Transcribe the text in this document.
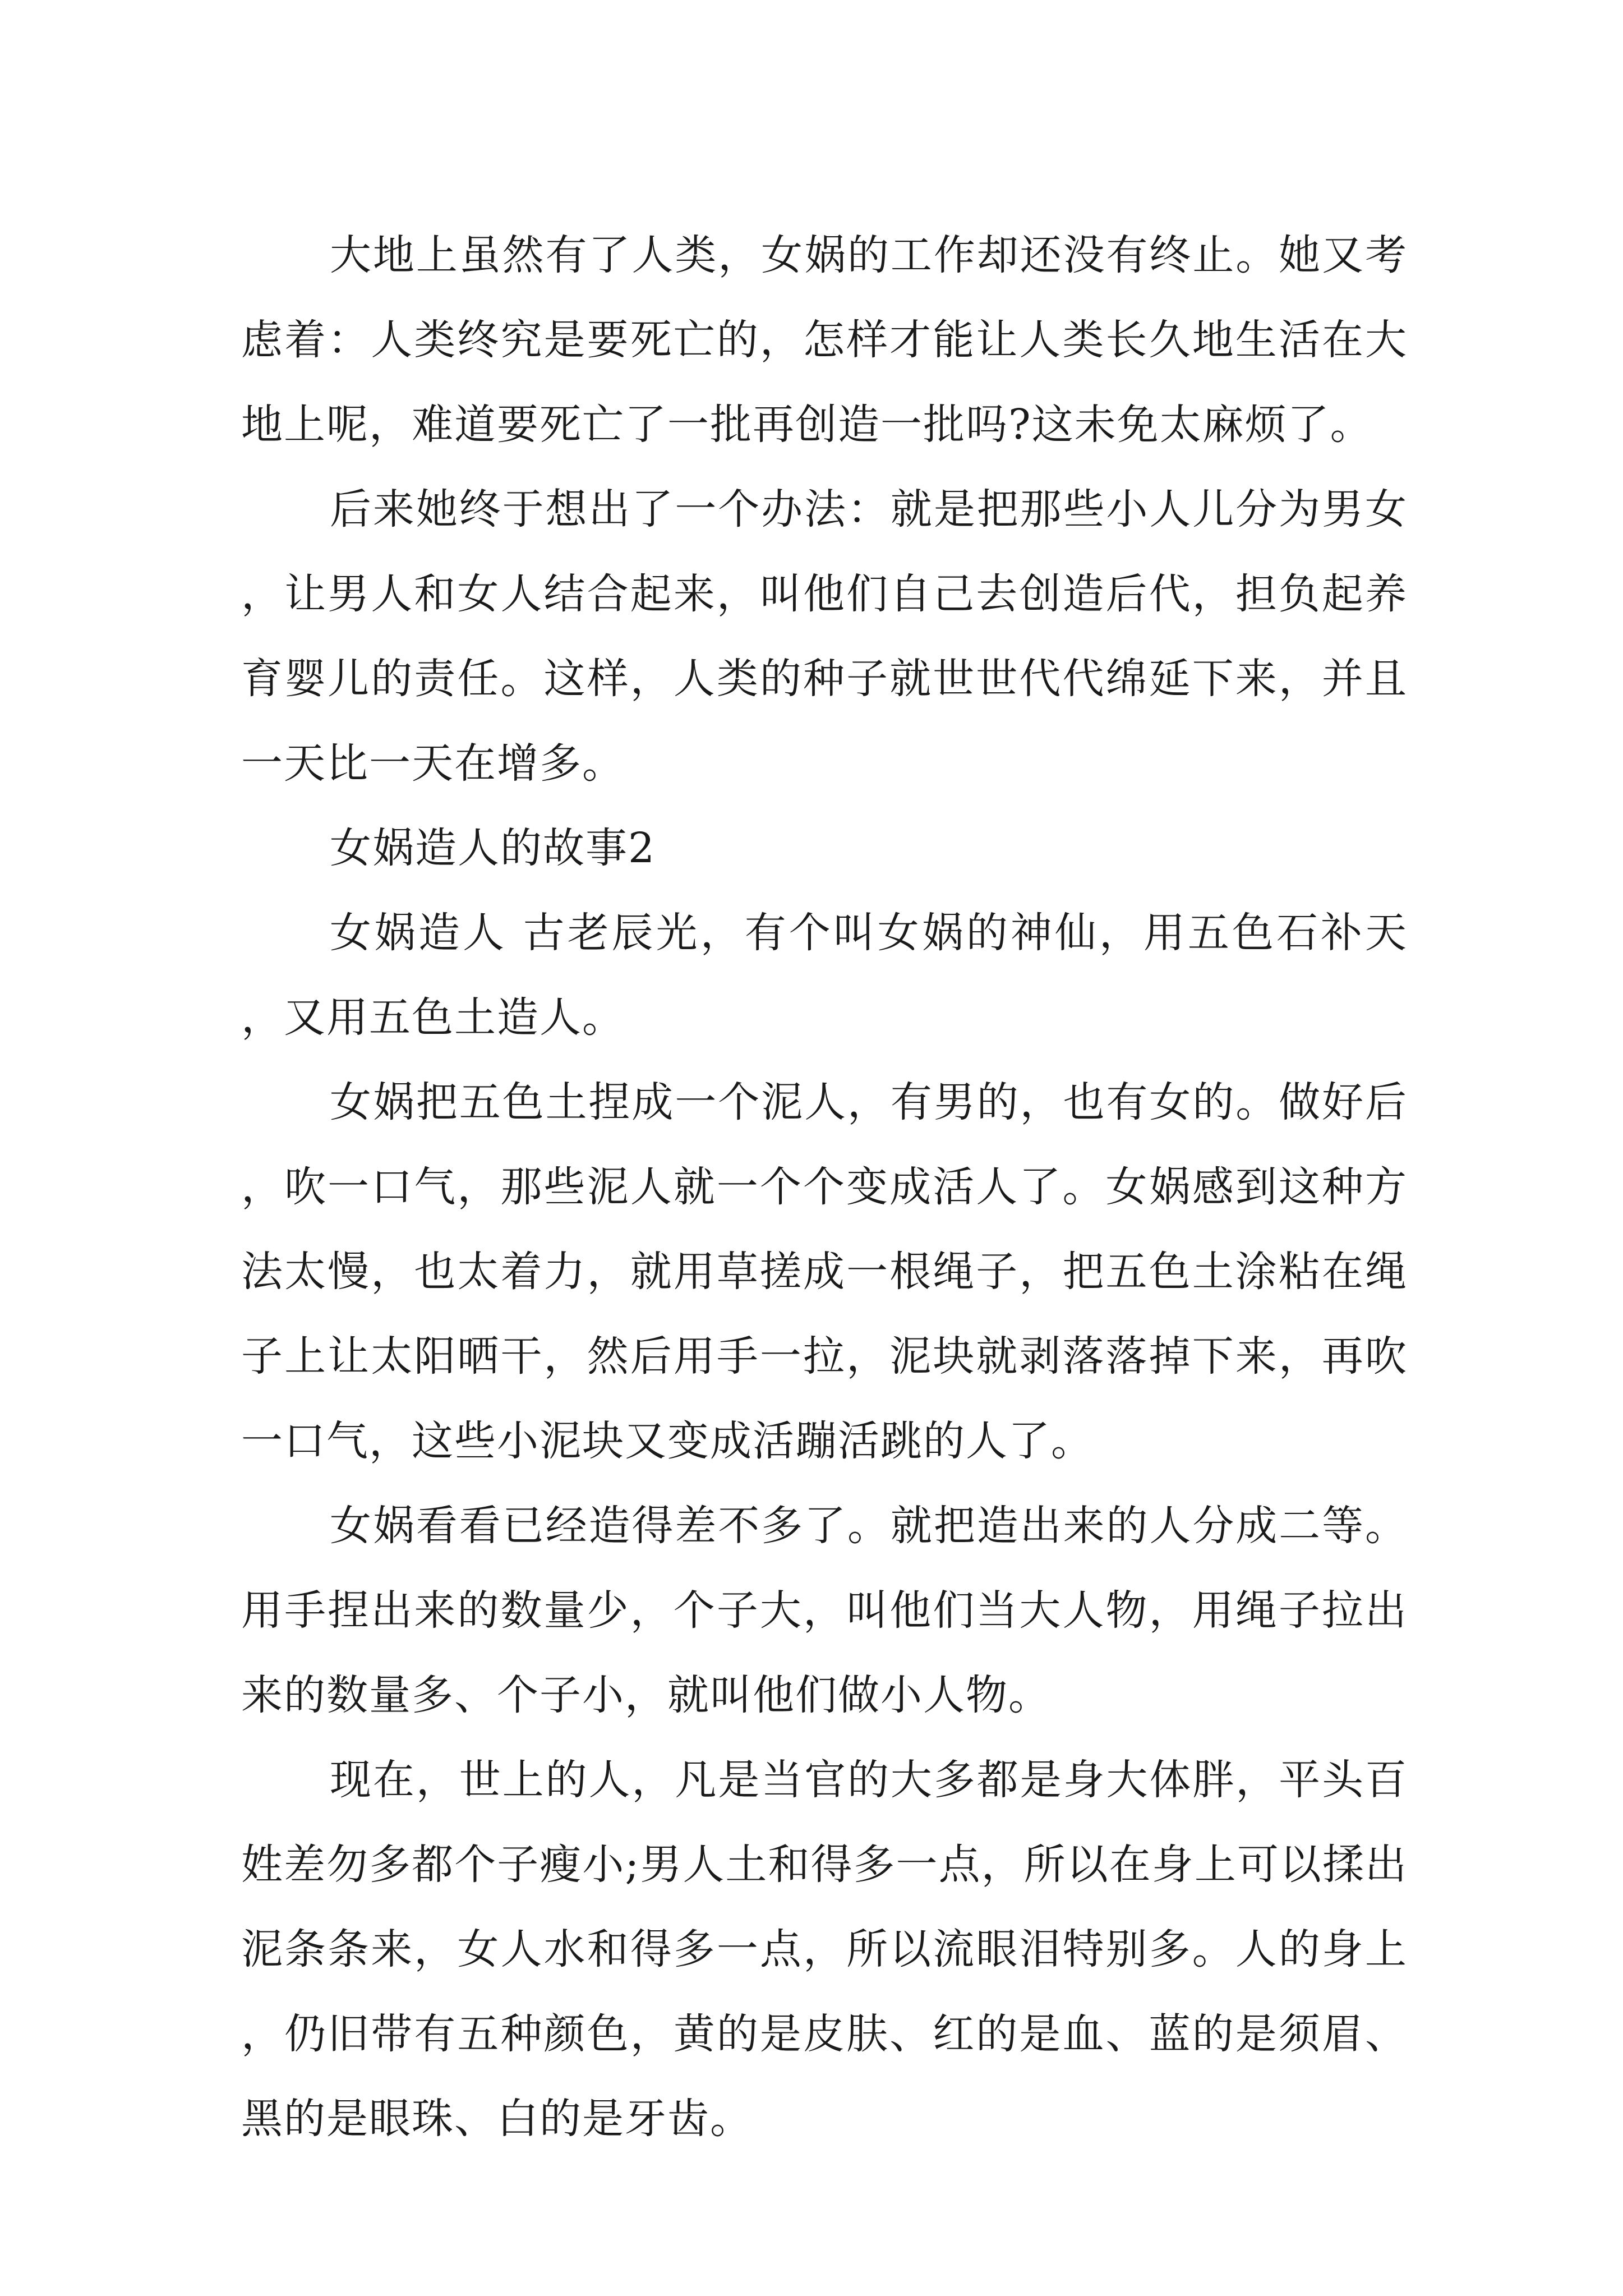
大地上虽然有了人类，女娲的工作却还没有终止。她又考虑着：人类终究是要死亡的，怎样才能让人类长久地生活在大地上呢，难道要死亡了一批再创造一批吗?这未免太麻烦了。

后来她终于想出了一个办法：就是把那些小人儿分为男女，让男人和女人结合起来，叫他们自己去创造后代，担负起养育婴儿的责任。这样，人类的种子就世世代代绵延下来，并且一天比一天在增多。

女娲造人的故事2

女娲造人 古老辰光，有个叫女娲的神仙，用五色石补天，又用五色土造人。

女娲把五色土捏成一个泥人，有男的，也有女的。做好后，吹一口气，那些泥人就一个个变成活人了。女娲感到这种方法太慢，也太着力，就用草搓成一根绳子，把五色土涂粘在绳子上让太阳晒干，然后用手一拉，泥块就剥落落掉下来，再吹一口气，这些小泥块又变成活蹦活跳的人了。

女娲看看已经造得差不多了。就把造出来的人分成二等。用手捏出来的数量少，个子大，叫他们当大人物，用绳子拉出来的数量多、个子小，就叫他们做小人物。

现在，世上的人，凡是当官的大多都是身大体胖，平头百姓差勿多都个子瘦小;男人土和得多一点，所以在身上可以揉出泥条条来，女人水和得多一点，所以流眼泪特别多。人的身上，仍旧带有五种颜色，黄的是皮肤、红的是血、蓝的是须眉、黑的是眼珠、白的是牙齿。
